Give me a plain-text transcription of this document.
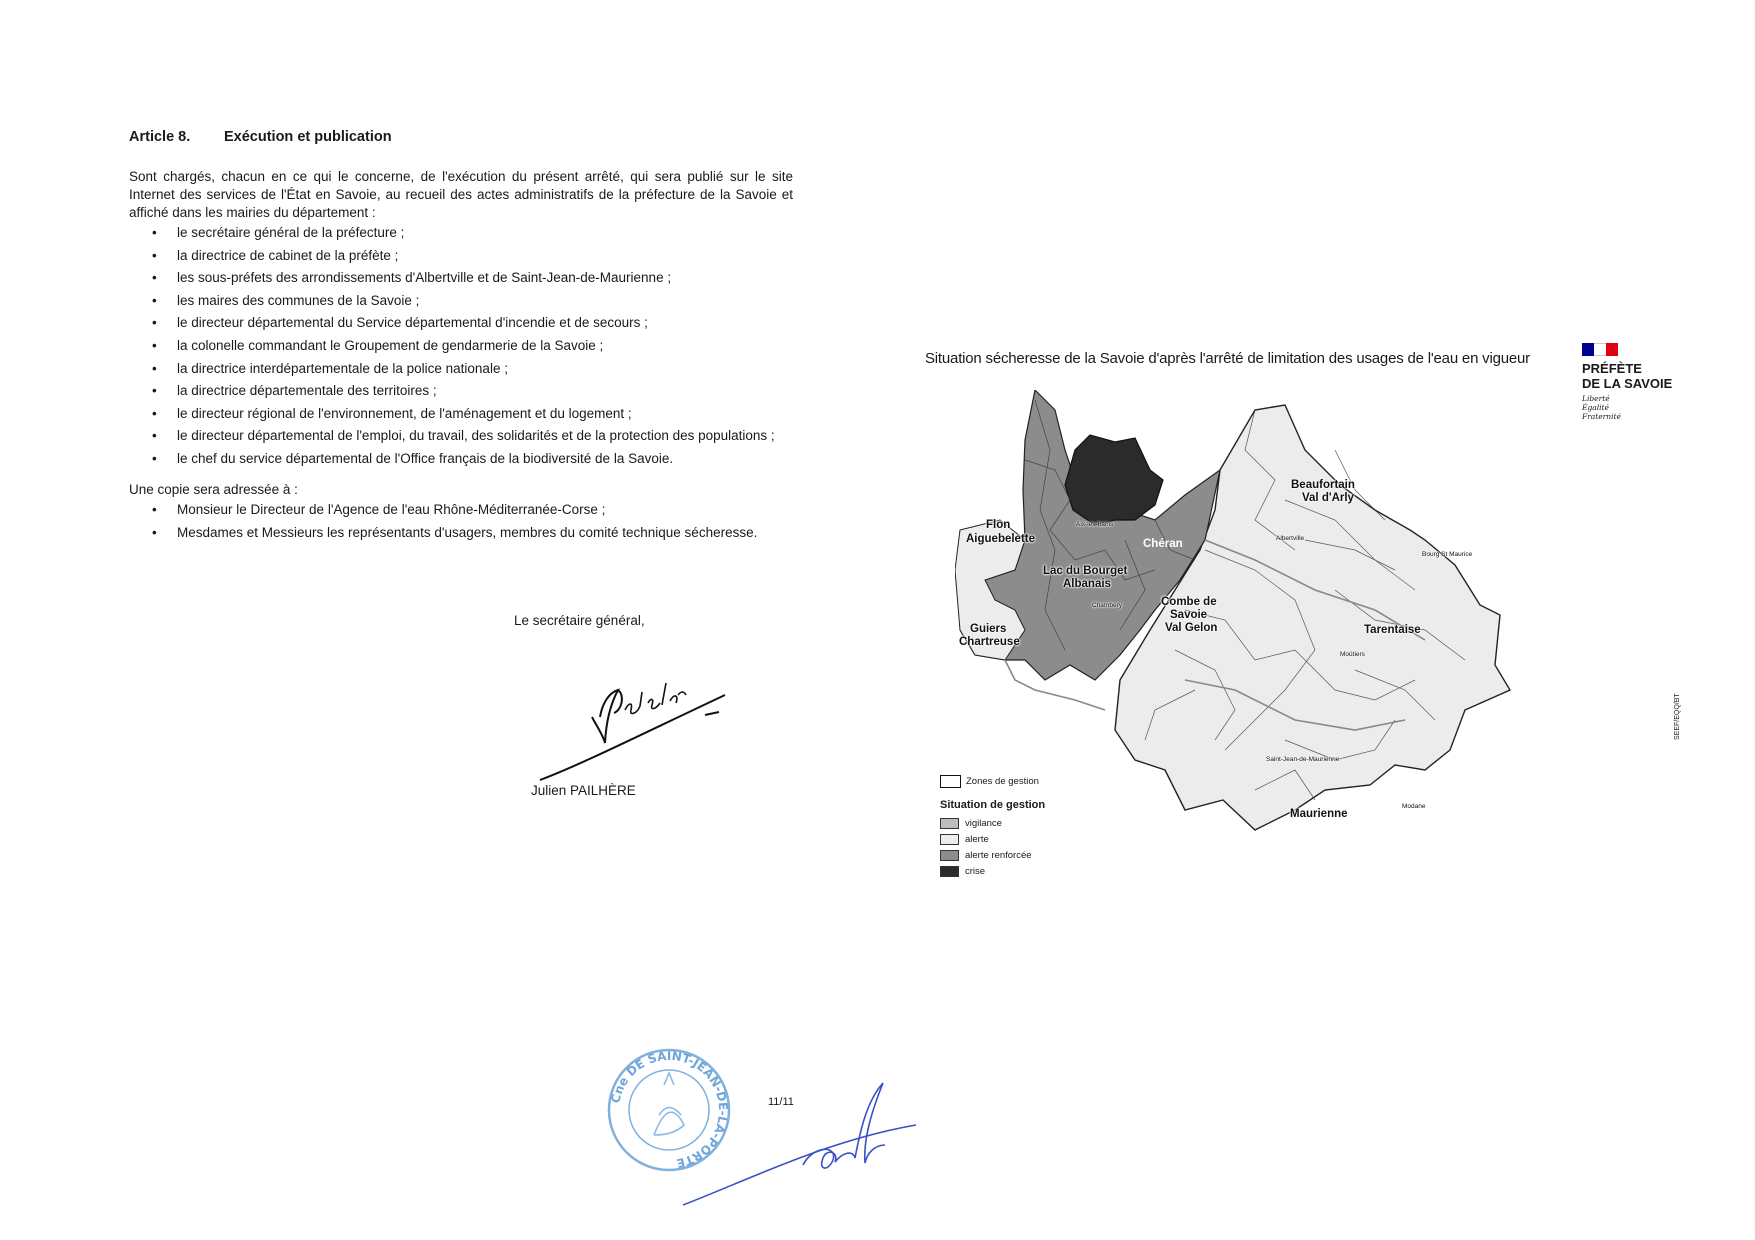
Article 8.	Exécution et publication

Sont chargés, chacun en ce qui le concerne, de l'exécution du présent arrêté, qui sera publié sur le site Internet des services de l'État en Savoie, au recueil des actes administratifs de la préfecture de la Savoie et affiché dans les mairies du département :

• le secrétaire général de la préfecture ;
• la directrice de cabinet de la préfète ;
• les sous-préfets des arrondissements d'Albertville et de Saint-Jean-de-Maurienne ;
• les maires des communes de la Savoie ;
• le directeur départemental du Service départemental d'incendie et de secours ;
• la colonelle commandant le Groupement de gendarmerie de la Savoie ;
• la directrice interdépartementale de la police nationale ;
• la directrice départementale des territoires ;
• le directeur régional de l'environnement, de l'aménagement et du logement ;
• le directeur départemental de l'emploi, du travail, des solidarités et de la protection des populations ;
• le chef du service départemental de l'Office français de la biodiversité de la Savoie.

Une copie sera adressée à :

• Monsieur le Directeur de l'Agence de l'eau Rhône-Méditerranée-Corse ;
• Mesdames et Messieurs les représentants d'usagers, membres du comité technique sécheresse.
Le secrétaire général,
Julien PAILHÈRE
Cne DE SAINT-JEAN-DE-LA-PORTE
11/11
Situation sécheresse de la Savoie d'après l'arrêté de limitation des usages de l'eau en vigueur
PRÉFÈTE
DE LA SAVOIE
Liberté
Égalité
Fraternité
SEEF/EQQ/BT
Flon
Aiguebelette
Lac du Bourget
Albanais
Guiers
Chartreuse
Chéran
Combe de
Savoie
Val Gelon
Beaufortain
Val d'Arly
Tarentaise
Maurienne
Aix-les-bains
Chambéry
Albertville
Bourg St Maurice
Moûtiers
Saint-Jean-de-Maurienne
Modane
Zones de gestion
Situation de gestion
vigilance
alerte
alerte renforcée
crise
